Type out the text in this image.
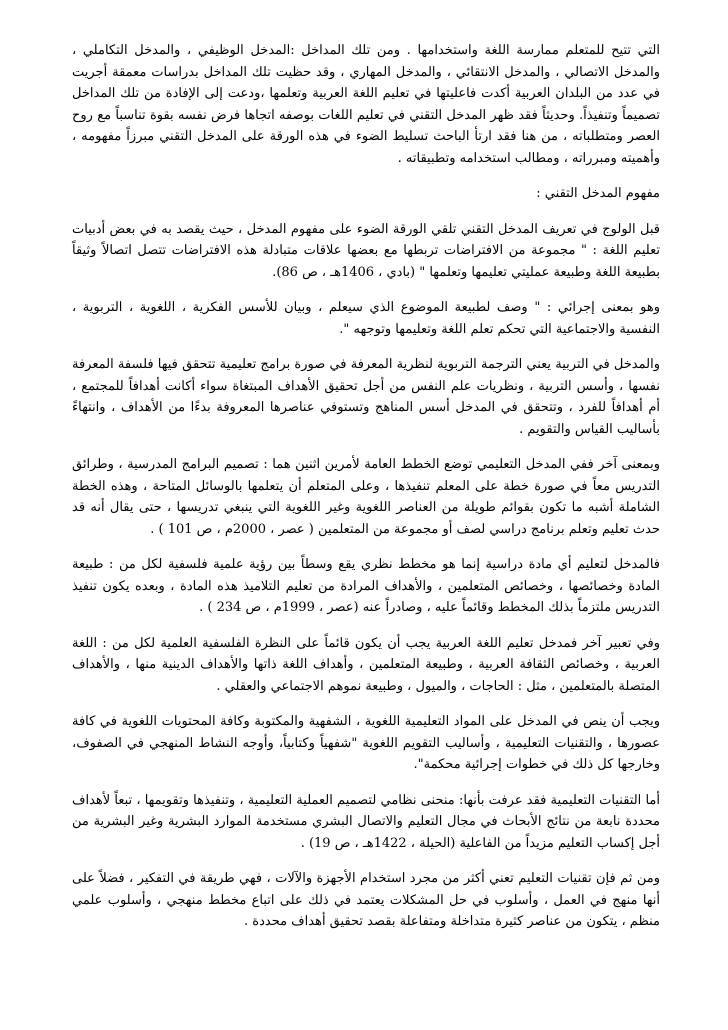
التي تتيح للمتعلم ممارسة اللغة واستخدامها . ومن تلك المداخل :المدخل الوظيفي ، والمدخل التكاملي ، والمدخل الاتصالي ، والمدخل الانتقائي ، والمدخل المهاري ، وقد حظيت تلك المداخل بدراسات معمقة أجريت في عدد من البلدان العربية أكدت فاعليتها في تعليم اللغة العربية وتعلمها ،ودعت إلى الإفادة من تلك المداخل تصميماً وتنفيذاً. وحديثاً فقد ظهر المدخل التقني في تعليم اللغات بوصفه اتجاها فرض نفسه بقوة تناسباً مع روح العصر ومتطلباته ، من هنا فقد ارتأ الباحث تسليط الضوء في هذه الورقة على المدخل التقني مبرزاً مفهومه ، وأهميته ومبرراته ، ومطالب استخدامه وتطبيقاته .

مفهوم المدخل التقني :

قبل الولوج في تعريف المدخل التقني تلقي الورقة الضوء على مفهوم المدخل ، حيث يقصد به في بعض أدبيات تعليم اللغة : " مجموعة من الافتراضات تربطها مع بعضها علاقات متبادلة هذه الافتراضات تتصل اتصالاً وثيقاً بطبيعة اللغة وطبيعة عمليتي تعليمها وتعلمها " (بادي ، 1406هـ ، ص 86).

وهو بمعنى إجرائي : " وصف لطبيعة الموضوع الذي سيعلم ، وبيان للأسس الفكرية ، اللغوية ، التربوية ، النفسية والاجتماعية التي تحكم تعلم اللغة وتعليمها وتوجهه ".

والمدخل في التربية يعني الترجمة التربوية لنظرية المعرفة في صورة برامج تعليمية تتحقق فيها فلسفة المعرفة نفسها ، وأسس التربية ، ونظريات علم النفس من أجل تحقيق الأهداف المبتغاة سواء أكانت أهدافاً للمجتمع ، أم أهدافاً للفرد ، وتتحقق في المدخل أسس المناهج وتستوفي عناصرها المعروفة بدءًا من الأهداف ، وانتهاءً بأساليب القياس والتقويم .

وبمعنى آخر ففي المدخل التعليمي توضع الخطط العامة لأمرين اثنين هما : تصميم البرامج المدرسية ، وطرائق التدريس معاً في صورة خطة على المعلم تنفيذها ، وعلى المتعلم أن يتعلمها بالوسائل المتاحة ، وهذه الخطة الشاملة أشبه ما تكون بقوائم طويلة من العناصر اللغوية وغير اللغوية التي ينبغي تدريسها ، حتى يقال أنه قد حدث تعليم وتعلم برنامج دراسي لصف أو مجموعة من المتعلمين ( عصر ، 2000م ، ص 101 ) .

فالمدخل لتعليم أي مادة دراسية إنما هو مخطط نظري يقع وسطاً بين رؤية علمية فلسفية لكل من : طبيعة المادة وخصائصها ، وخصائص المتعلمين ، والأهداف المرادة من تعليم التلاميذ هذه المادة ، وبعده يكون تنفيذ التدريس ملتزماً بذلك المخطط وقائماً عليه ، وصادراً عنه (عصر ، 1999م ، ص 234 ) .

وفي تعبير آخر فمدخل تعليم اللغة العربية يجب أن يكون قائماً على النظرة الفلسفية العلمية لكل من : اللغة العربية ، وخصائص الثقافة العربية ، وطبيعة المتعلمين ، وأهداف اللغة ذاتها والأهداف الدينية منها ، والأهداف المتصلة بالمتعلمين ، مثل : الحاجات ، والميول ، وطبيعة نموهم الاجتماعي والعقلي .

ويجب أن ينص في المدخل على المواد التعليمية اللغوية ، الشفهية والمكتوبة وكافة المحتويات اللغوية في كافة عصورها ، والتقنيات التعليمية ، وأساليب التقويم اللغوية "شفهياً وكتابياً، وأوجه النشاط المنهجي في الصفوف، وخارجها كل ذلك في خطوات إجرائية محكمة".

أما التقنيات التعليمية فقد عرفت بأنها: منحنى نظامي لتصميم العملية التعليمية ، وتنفيذها وتقويمها ، تبعاً لأهداف محددة نابعة من نتائج الأبحاث في مجال التعليم والاتصال البشري مستخدمة الموارد البشرية وغير البشرية من أجل إكساب التعليم مزيداً من الفاعلية (الحيلة ، 1422هـ ، ص 19) .

ومن ثم فإن تقنيات التعليم تعني أكثر من مجرد استخدام الأجهزة والآلات ، فهي طريقة في التفكير ، فضلاً على أنها منهج في العمل ، وأسلوب في حل المشكلات يعتمد في ذلك على اتباع مخطط منهجي ، وأسلوب علمي منظم ، يتكون من عناصر كثيرة متداخلة ومتفاعلة بقصد تحقيق أهداف محددة .
